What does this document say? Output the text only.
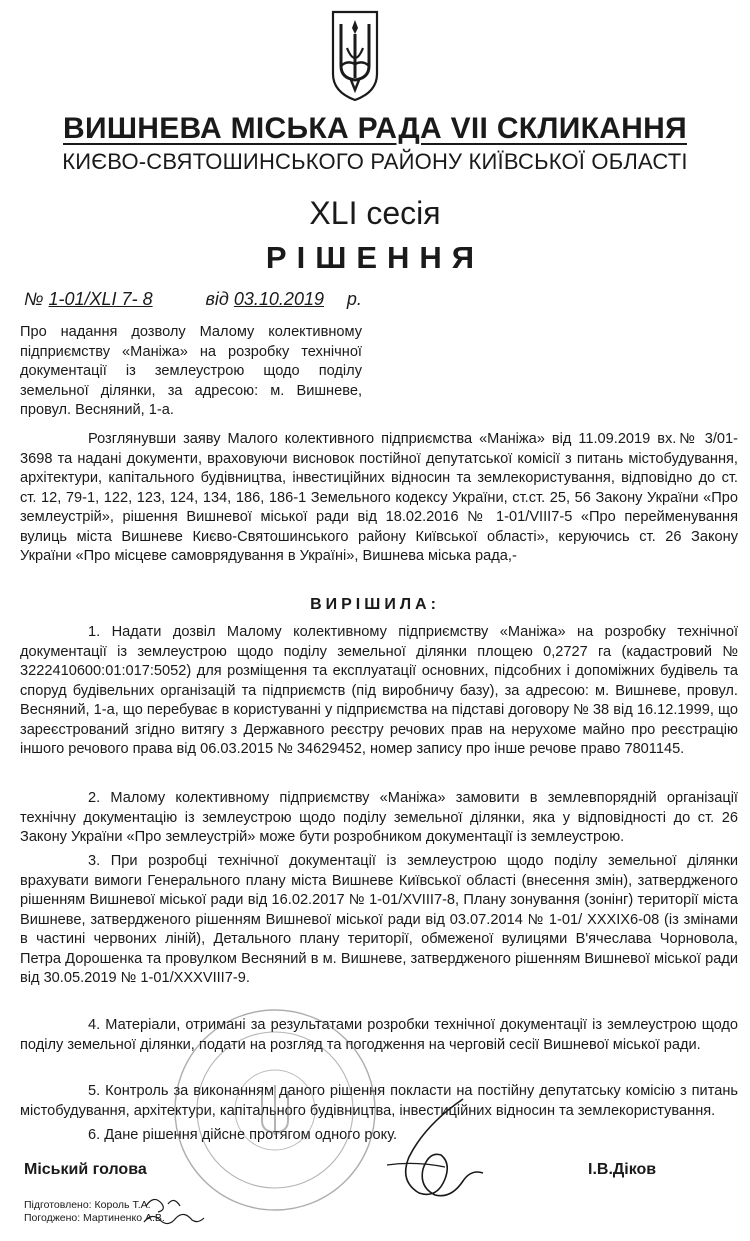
ВИШНЕВА МІСЬКА РАДА VII СКЛИКАННЯ
КИЄВО-СВЯТОШИНСЬКОГО РАЙОНУ КИЇВСЬКОЇ ОБЛАСТІ
XLI сесія
РІШЕННЯ
№ 1-01/XLI 7- 8	від 03.10.2019 р.
Про надання дозволу Малому колективному підприємству «Маніжа» на розробку технічної документації із землеустрою щодо поділу земельної ділянки, за адресою: м. Вишневе, провул. Весняний, 1-а.

Розглянувши заяву Малого колективного підприємства «Маніжа» від 11.09.2019 вх.№ 3/01-3698 та надані документи, враховуючи висновок постійної депутатської комісії з питань містобудування, архітектури, капітального будівництва, інвестиційних відносин та землекористування, відповідно до ст. ст. 12, 79-1, 122, 123, 124, 134, 186, 186-1 Земельного кодексу України, ст.ст. 25, 56 Закону України «Про землеустрій», рішення Вишневої міської ради від 18.02.2016 № 1-01/VIII7-5 «Про перейменування вулиць міста Вишневе Києво-Святошинського району Київської області», керуючись ст. 26 Закону України «Про місцеве самоврядування в Україні», Вишнева міська рада,-

ВИРІШИЛА:

1. Надати дозвіл Малому колективному підприємству «Маніжа» на розробку технічної документації із землеустрою щодо поділу земельної ділянки площею 0,2727 га (кадастровий № 3222410600:01:017:5052) для розміщення та експлуатації основних, підсобних і допоміжних будівель та споруд будівельних організацій та підприємств (під виробничу базу), за адресою: м. Вишневе, провул. Весняний, 1-а, що перебуває в користуванні у підприємства на підставі договору № 38 від 16.12.1999, що зареєстрований згідно витягу з Державного реєстру речових прав на нерухоме майно про реєстрацію іншого речового права від 06.03.2015 № 34629452, номер запису про інше речове право 7801145.

2. Малому колективному підприємству «Маніжа» замовити в землевпорядній організації технічну документацію із землеустрою щодо поділу земельної ділянки, яка у відповідності до ст. 26 Закону України «Про землеустрій» може бути розробником документації із землеустрою.

3. При розробці технічної документації із землеустрою щодо поділу земельної ділянки врахувати вимоги Генерального плану міста Вишневе Київської області (внесення змін), затвердженого рішенням Вишневої міської ради від 16.02.2017 № 1-01/XVIII7-8, Плану зонування (зонінг) території міста Вишневе, затвердженого рішенням Вишневої міської ради від 03.07.2014 № 1-01/ XXXIX6-08 (із змінами в частині червоних ліній), Детального плану території, обмеженої вулицями В'ячеслава Чорновола, Петра Дорошенка та провулком Весняний в м. Вишневе, затвердженого рішенням Вишневої міської ради від 30.05.2019 № 1-01/XXXVIII7-9.

4. Матеріали, отримані за результатами розробки технічної документації із землеустрою щодо поділу земельної ділянки, подати на розгляд та погодження на черговій сесії Вишневої міської ради.

5. Контроль за виконанням даного рішення покласти на постійну депутатську комісію з питань містобудування, архітектури, капітального будівництва, інвестиційних відносин та землекористування.

6. Дане рішення дійсне протягом одного року.

Міський голова	І.В.Діков
Підготовлено: Король Т.А.
Погоджено: Мартиненко А.В.
